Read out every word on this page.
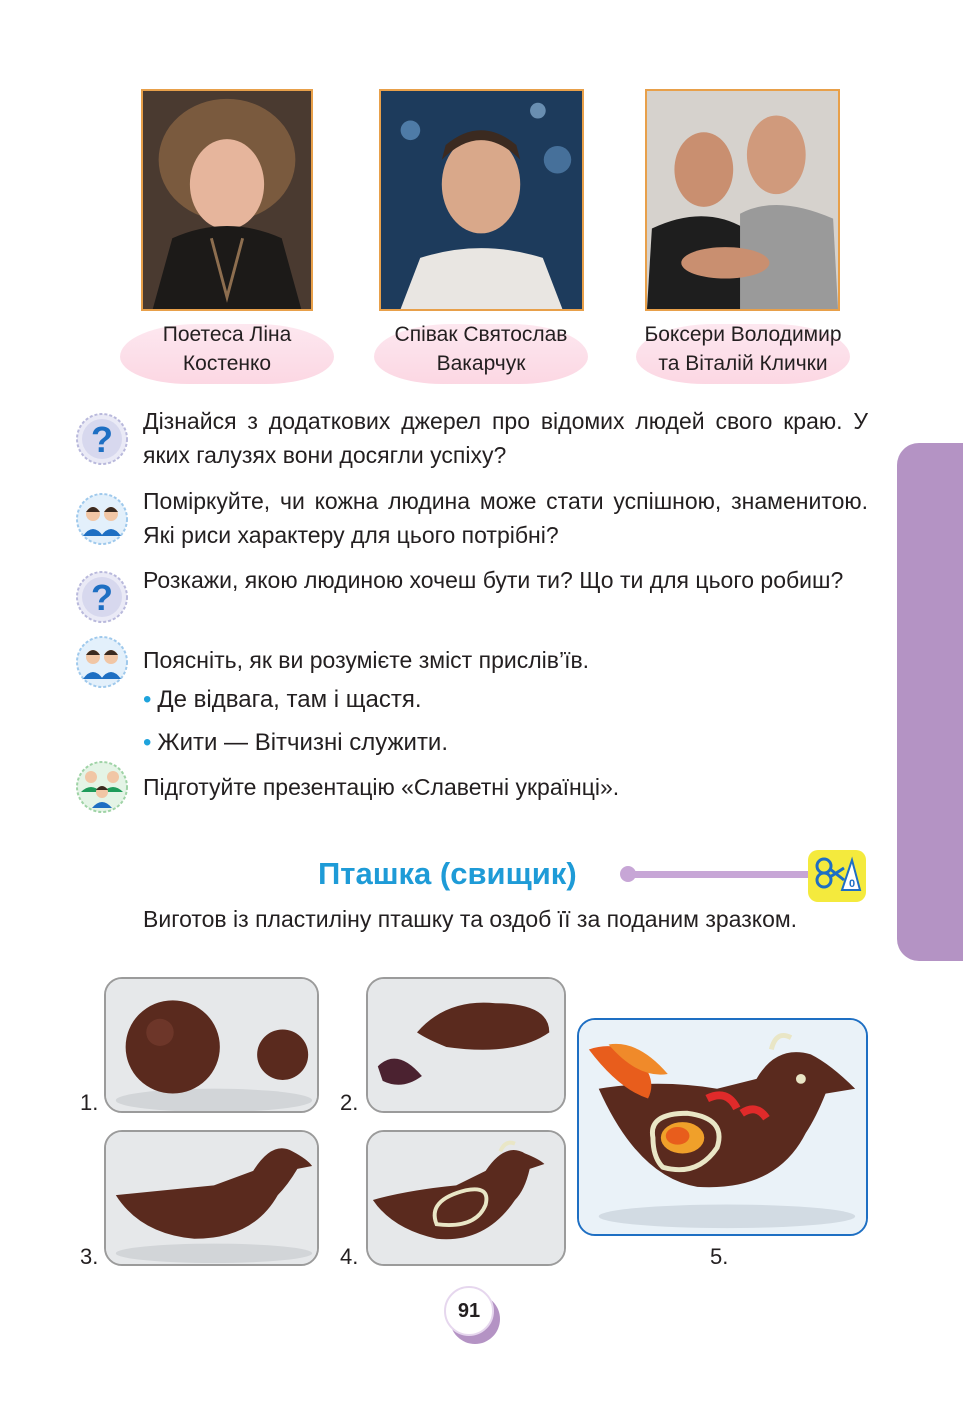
Поетеса Ліна
Костенко
Співак Святослав
Вакарчук
Боксери Володимир
та Віталій Клички
? Дізнайся з додаткових джерел про відомих людей свого краю. У яких галузях вони досягли успіху?
Поміркуйте, чи кожна людина може стати успішною, знаменитою. Які риси характеру для цього потрібні?
? Розкажи, якою людиною хочеш бути ти? Що ти для цього робиш?
Поясніть, як ви розумієте зміст прислів’їв.
• Де відвага, там і щастя.
• Жити — Вітчизні служити.
Підготуйте презентацію «Славетні українці».
Пташка (свищик)	0
Виготов із пластиліну пташку та оздоб її за поданим зразком.
1.	2.
3.	4.	5.
91
